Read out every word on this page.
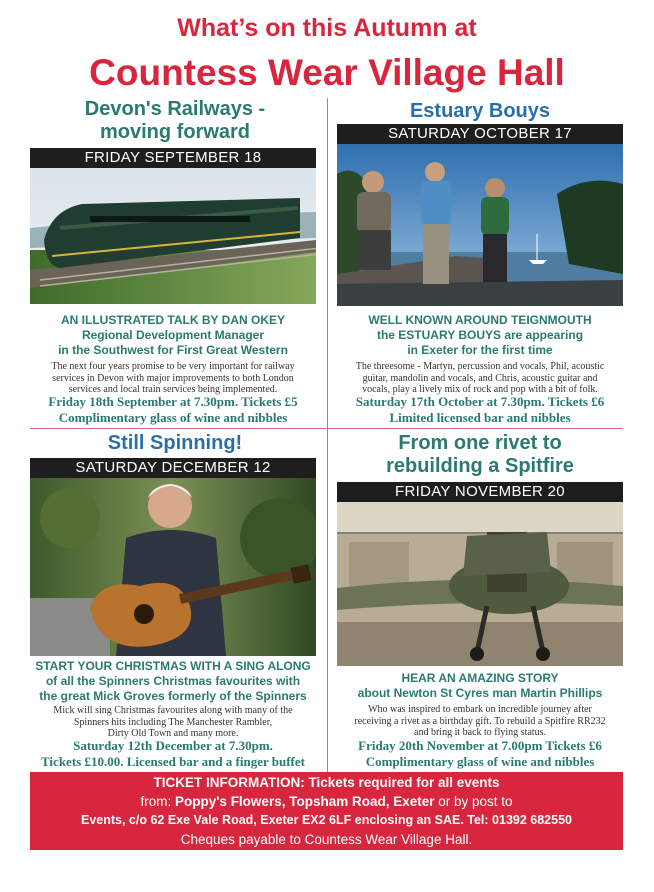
What’s on this Autumn at
Countess Wear Village Hall
Devon's Railways -
moving forward
FRIDAY SEPTEMBER 18
AN ILLUSTRATED TALK BY DAN OKEY
Regional Development Manager
in the Southwest for First Great Western
The next four years promise to be very important for railway
services in Devon with major improvements to both London
services and local train services being implemented.
Friday 18th September at 7.30pm. Tickets £5
Complimentary glass of wine and nibbles
Estuary Bouys
SATURDAY OCTOBER 17
WELL KNOWN AROUND TEIGNMOUTH
the ESTUARY BOUYS are appearing
in Exeter for the first time
The threesome - Martyn, percussion and vocals, Phil, acoustic
guitar, mandolin and vocals, and Chris, acoustic guitar and
vocals, play a lively mix of rock and pop with a bit of folk.
Saturday 17th October at 7.30pm. Tickets £6
Limited licensed bar and nibbles
Still Spinning!
SATURDAY DECEMBER 12
START YOUR CHRISTMAS WITH A SING ALONG
of all the Spinners Christmas favourites with
the great Mick Groves formerly of the Spinners
Mick will sing Christmas favourites along with many of the
Spinners hits including The Manchester Rambler,
Dirty Old Town and many more.
Saturday 12th December at 7.30pm.
Tickets £10.00. Licensed bar and a finger buffet
From one rivet to
rebuilding a Spitfire
FRIDAY NOVEMBER 20
HEAR AN AMAZING STORY
about Newton St Cyres man Martin Phillips
Who was inspired to embark on incredible journey after
receiving a rivet as a birthday gift. To rebuild a Spitfire RR232
and bring it back to flying status.
Friday 20th November at 7.00pm Tickets £6
Complimentary glass of wine and nibbles
TICKET INFORMATION: Tickets required for all events
from: Poppy's Flowers, Topsham Road, Exeter or by post to
Events, c/o 62 Exe Vale Road, Exeter EX2 6LF enclosing an SAE. Tel: 01392 682550
Cheques payable to Countess Wear Village Hall.
